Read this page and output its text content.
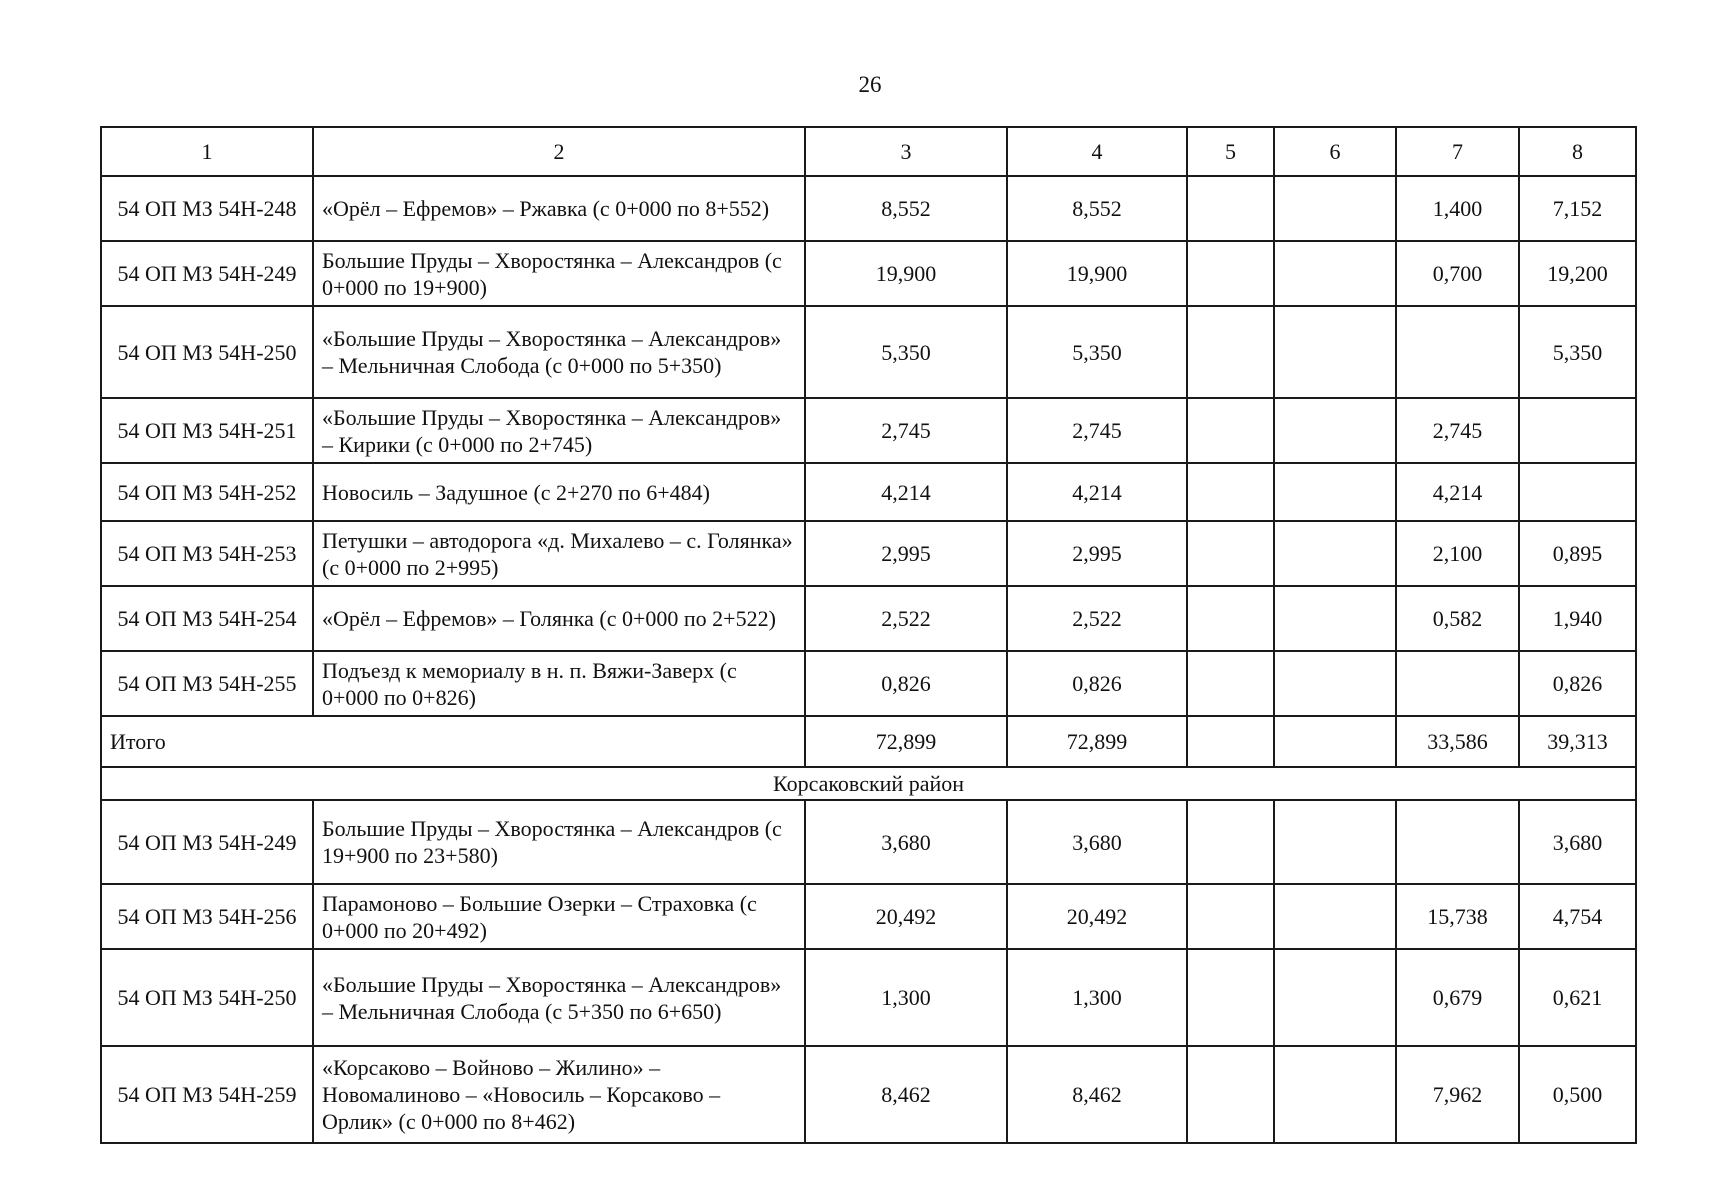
26
1	2	3	4	5	6	7	8
54 ОП МЗ 54Н-248	«Орёл – Ефремов» – Ржавка (с 0+000 по 8+552)	8,552	8,552			1,400	7,152
54 ОП МЗ 54Н-249	Большие Пруды – Хворостянка – Александров (с 0+000 по 19+900)	19,900	19,900			0,700	19,200
54 ОП МЗ 54Н-250	«Большие Пруды – Хворостянка – Александров» – Мельничная Слобода (с 0+000 по 5+350)	5,350	5,350				5,350
54 ОП МЗ 54Н-251	«Большие Пруды – Хворостянка – Александров» – Кирики (с 0+000 по 2+745)	2,745	2,745			2,745	
54 ОП МЗ 54Н-252	Новосиль – Задушное (с 2+270 по 6+484)	4,214	4,214			4,214	
54 ОП МЗ 54Н-253	Петушки – автодорога «д. Михалево – с. Голянка» (с 0+000 по 2+995)	2,995	2,995			2,100	0,895
54 ОП МЗ 54Н-254	«Орёл – Ефремов» – Голянка (с 0+000 по 2+522)	2,522	2,522			0,582	1,940
54 ОП МЗ 54Н-255	Подъезд к мемориалу в н. п. Вяжи-Заверх (с 0+000 по 0+826)	0,826	0,826				0,826
Итого		72,899	72,899			33,586	39,313
Корсаковский район							
54 ОП МЗ 54Н-249	Большие Пруды – Хворостянка – Александров (с 19+900 по 23+580)	3,680	3,680				3,680
54 ОП МЗ 54Н-256	Парамоново – Большие Озерки – Страховка (с 0+000 по 20+492)	20,492	20,492			15,738	4,754
54 ОП МЗ 54Н-250	«Большие Пруды – Хворостянка – Александров» – Мельничная Слобода (с 5+350 по 6+650)	1,300	1,300			0,679	0,621
54 ОП МЗ 54Н-259	«Корсаково – Войново – Жилино» – Новомалиново – «Новосиль – Корсаково – Орлик» (с 0+000 по 8+462)	8,462	8,462			7,962	0,500
